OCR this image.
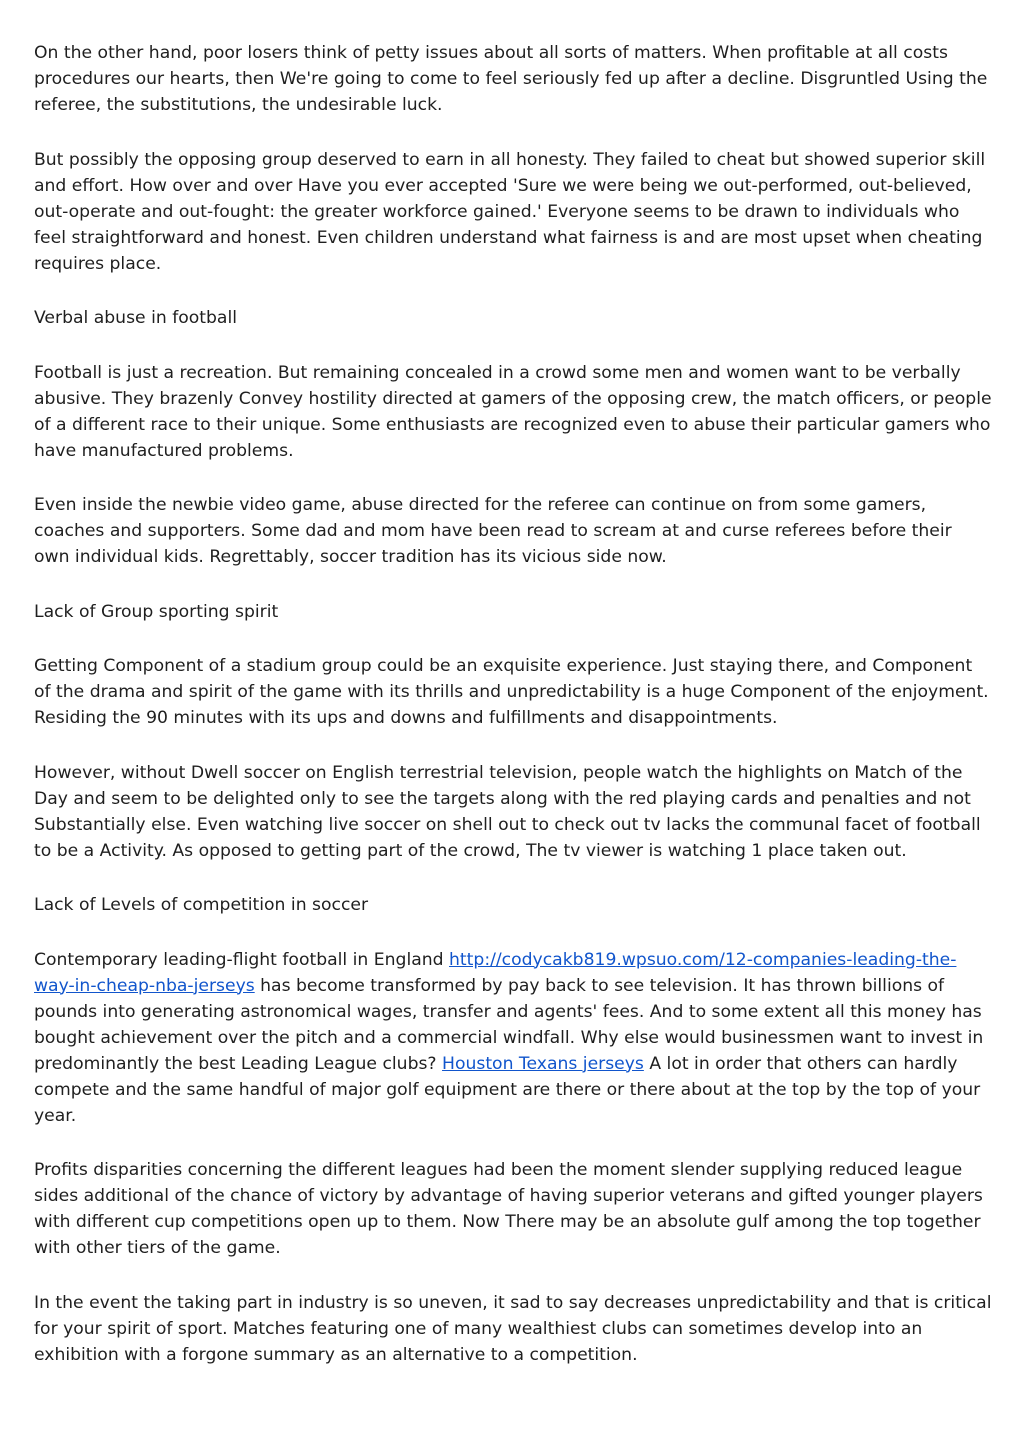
On the other hand, poor losers think of petty issues about all sorts of matters. When profitable at all costs procedures our hearts, then We're going to come to feel seriously fed up after a decline. Disgruntled Using the referee, the substitutions, the undesirable luck.

But possibly the opposing group deserved to earn in all honesty. They failed to cheat but showed superior skill and effort. How over and over Have you ever accepted 'Sure we were being we out-performed, out-believed, out-operate and out-fought: the greater workforce gained.' Everyone seems to be drawn to individuals who feel straightforward and honest. Even children understand what fairness is and are most upset when cheating requires place.

Verbal abuse in football

Football is just a recreation. But remaining concealed in a crowd some men and women want to be verbally abusive. They brazenly Convey hostility directed at gamers of the opposing crew, the match officers, or people of a different race to their unique. Some enthusiasts are recognized even to abuse their particular gamers who have manufactured problems.

Even inside the newbie video game, abuse directed for the referee can continue on from some gamers, coaches and supporters. Some dad and mom have been read to scream at and curse referees before their own individual kids. Regrettably, soccer tradition has its vicious side now.

Lack of Group sporting spirit

Getting Component of a stadium group could be an exquisite experience. Just staying there, and Component of the drama and spirit of the game with its thrills and unpredictability is a huge Component of the enjoyment. Residing the 90 minutes with its ups and downs and fulfillments and disappointments.

However, without Dwell soccer on English terrestrial television, people watch the highlights on Match of the Day and seem to be delighted only to see the targets along with the red playing cards and penalties and not Substantially else. Even watching live soccer on shell out to check out tv lacks the communal facet of football to be a Activity. As opposed to getting part of the crowd, The tv viewer is watching 1 place taken out.

Lack of Levels of competition in soccer

Contemporary leading-flight football in England http://codycakb819.wpsuo.com/12-companies-leading-the-way-in-cheap-nba-jerseys has become transformed by pay back to see television. It has thrown billions of pounds into generating astronomical wages, transfer and agents' fees. And to some extent all this money has bought achievement over the pitch and a commercial windfall. Why else would businessmen want to invest in predominantly the best Leading League clubs? Houston Texans jerseys A lot in order that others can hardly compete and the same handful of major golf equipment are there or there about at the top by the top of your year.

Profits disparities concerning the different leagues had been the moment slender supplying reduced league sides additional of the chance of victory by advantage of having superior veterans and gifted younger players with different cup competitions open up to them. Now There may be an absolute gulf among the top together with other tiers of the game.

In the event the taking part in industry is so uneven, it sad to say decreases unpredictability and that is critical for your spirit of sport. Matches featuring one of many wealthiest clubs can sometimes develop into an exhibition with a forgone summary as an alternative to a competition.
